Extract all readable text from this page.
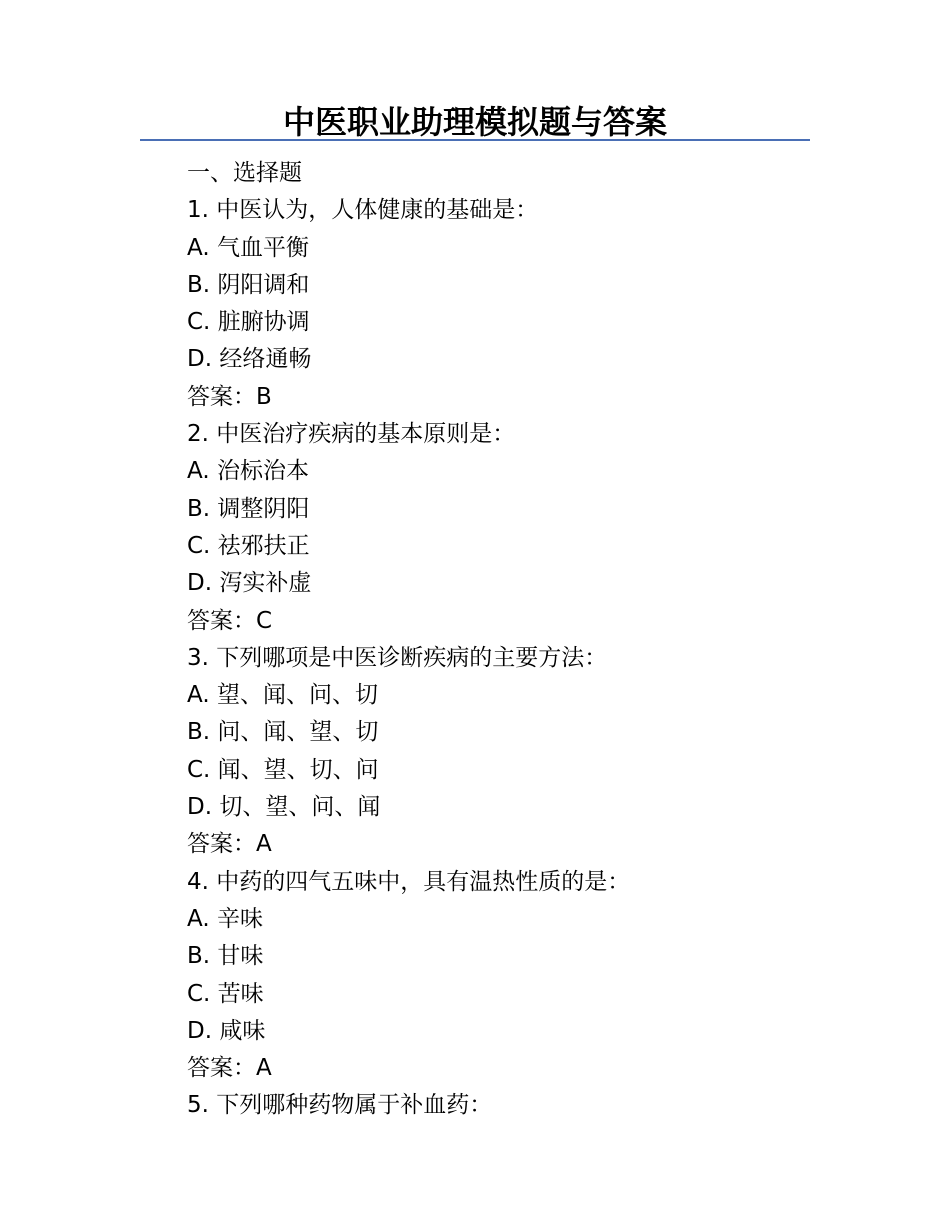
中医职业助理模拟题与答案
一、选择题
1. 中医认为，人体健康的基础是：
A. 气血平衡
B. 阴阳调和
C. 脏腑协调
D. 经络通畅
答案：B
2. 中医治疗疾病的基本原则是：
A. 治标治本
B. 调整阴阳
C. 祛邪扶正
D. 泻实补虚
答案：C
3. 下列哪项是中医诊断疾病的主要方法：
A. 望、闻、问、切
B. 问、闻、望、切
C. 闻、望、切、问
D. 切、望、问、闻
答案：A
4. 中药的四气五味中，具有温热性质的是：
A. 辛味
B. 甘味
C. 苦味
D. 咸味
答案：A
5. 下列哪种药物属于补血药：
